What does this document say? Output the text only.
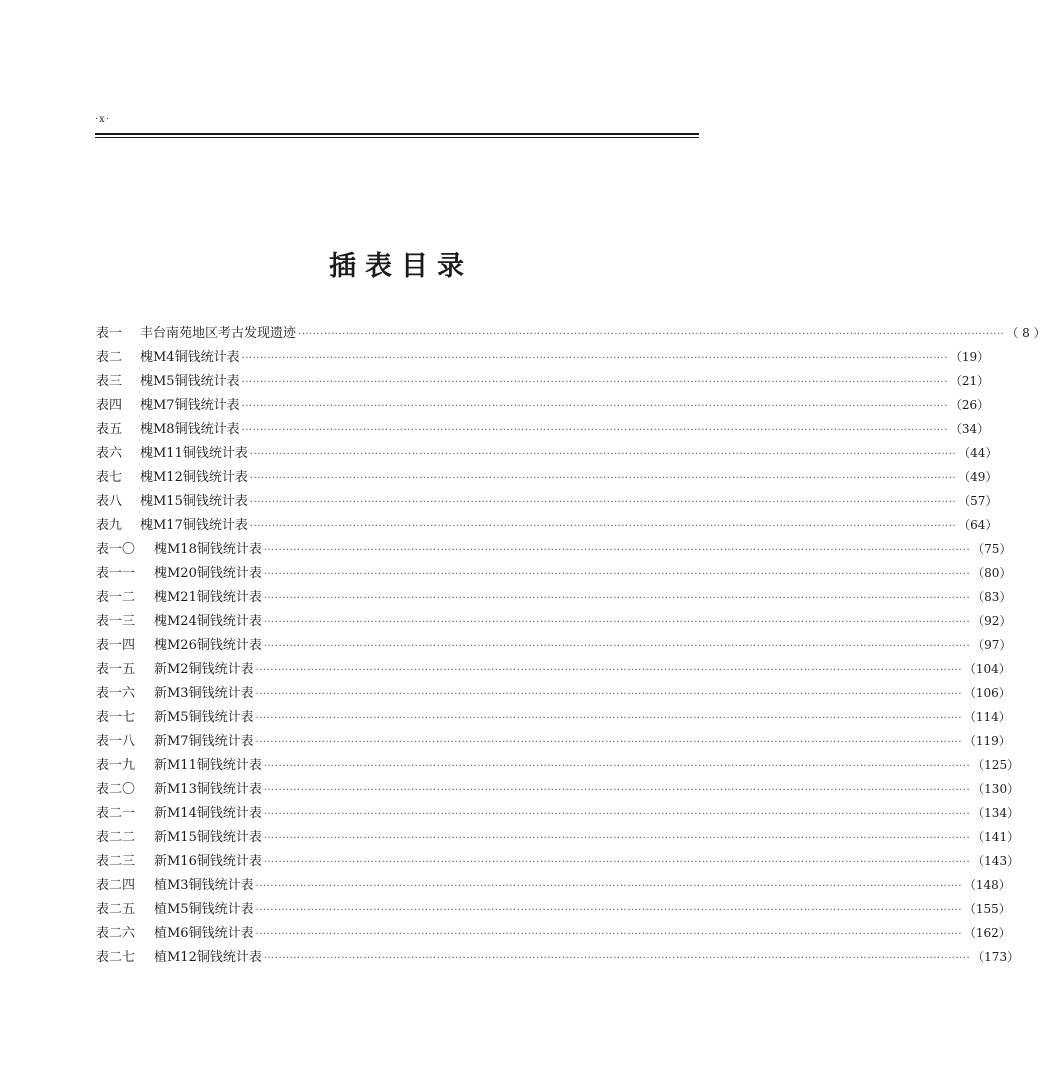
·x·
插表目录
表一	丰台南苑地区考古发现遗迹 ································································································································································································ （ 8 ）
表二	槐M4铜钱统计表 ································································································································································································ （19）
表三	槐M5铜钱统计表 ································································································································································································ （21）
表四	槐M7铜钱统计表 ································································································································································································ （26）
表五	槐M8铜钱统计表 ································································································································································································ （34）
表六	槐M11铜钱统计表 ································································································································································································ （44）
表七	槐M12铜钱统计表 ································································································································································································ （49）
表八	槐M15铜钱统计表 ································································································································································································ （57）
表九	槐M17铜钱统计表 ································································································································································································ （64）
表一〇	槐M18铜钱统计表 ································································································································································································ （75）
表一一	槐M20铜钱统计表 ································································································································································································ （80）
表一二	槐M21铜钱统计表 ································································································································································································ （83）
表一三	槐M24铜钱统计表 ································································································································································································ （92）
表一四	槐M26铜钱统计表 ································································································································································································ （97）
表一五	新M2铜钱统计表 ································································································································································································ （104）
表一六	新M3铜钱统计表 ································································································································································································ （106）
表一七	新M5铜钱统计表 ································································································································································································ （114）
表一八	新M7铜钱统计表 ································································································································································································ （119）
表一九	新M11铜钱统计表 ································································································································································································ （125）
表二〇	新M13铜钱统计表 ································································································································································································ （130）
表二一	新M14铜钱统计表 ································································································································································································ （134）
表二二	新M15铜钱统计表 ································································································································································································ （141）
表二三	新M16铜钱统计表 ································································································································································································ （143）
表二四	植M3铜钱统计表 ································································································································································································ （148）
表二五	植M5铜钱统计表 ································································································································································································ （155）
表二六	植M6铜钱统计表 ································································································································································································ （162）
表二七	植M12铜钱统计表 ································································································································································································ （173）
